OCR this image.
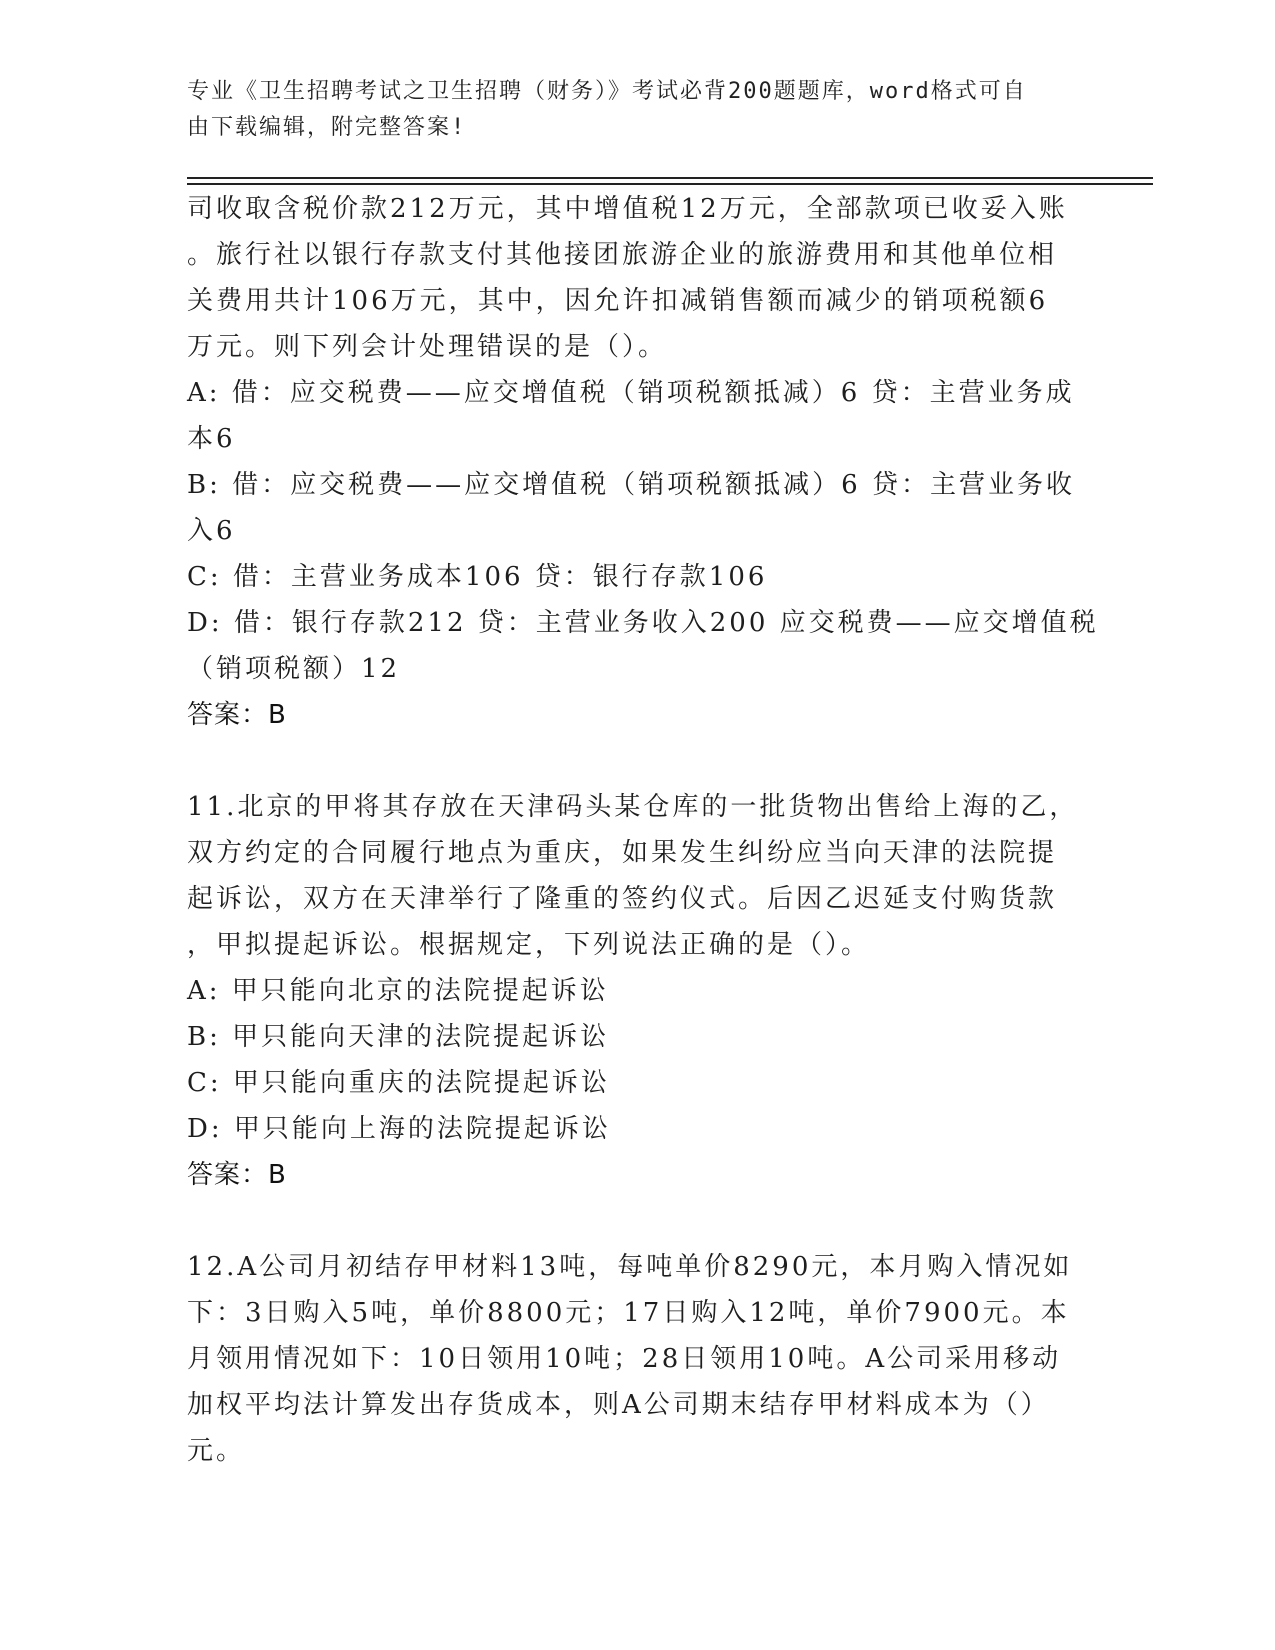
专业《卫生招聘考试之卫生招聘（财务）》考试必背200题题库，word格式可自
由下载编辑，附完整答案!
司收取含税价款212万元，其中增值税12万元，全部款项已收妥入账
。旅行社以银行存款支付其他接团旅游企业的旅游费用和其他单位相
关费用共计106万元，其中，因允许扣减销售额而减少的销项税额6
万元。则下列会计处理错误的是（）。
A: 借：应交税费——应交增值税（销项税额抵减）6 贷：主营业务成
本6
B: 借：应交税费——应交增值税（销项税额抵减）6 贷：主营业务收
入6
C: 借：主营业务成本106 贷：银行存款106
D: 借：银行存款212 贷：主营业务收入200 应交税费——应交增值税
（销项税额）12
答案：B
11.北京的甲将其存放在天津码头某仓库的一批货物出售给上海的乙，
双方约定的合同履行地点为重庆，如果发生纠纷应当向天津的法院提
起诉讼，双方在天津举行了隆重的签约仪式。后因乙迟延支付购货款
，甲拟提起诉讼。根据规定，下列说法正确的是（）。
A: 甲只能向北京的法院提起诉讼
B: 甲只能向天津的法院提起诉讼
C: 甲只能向重庆的法院提起诉讼
D: 甲只能向上海的法院提起诉讼
答案：B
12.A公司月初结存甲材料13吨，每吨单价8290元，本月购入情况如
下：3日购入5吨，单价8800元；17日购入12吨，单价7900元。本
月领用情况如下：10日领用10吨；28日领用10吨。A公司采用移动
加权平均法计算发出存货成本，则A公司期末结存甲材料成本为（）
元。
